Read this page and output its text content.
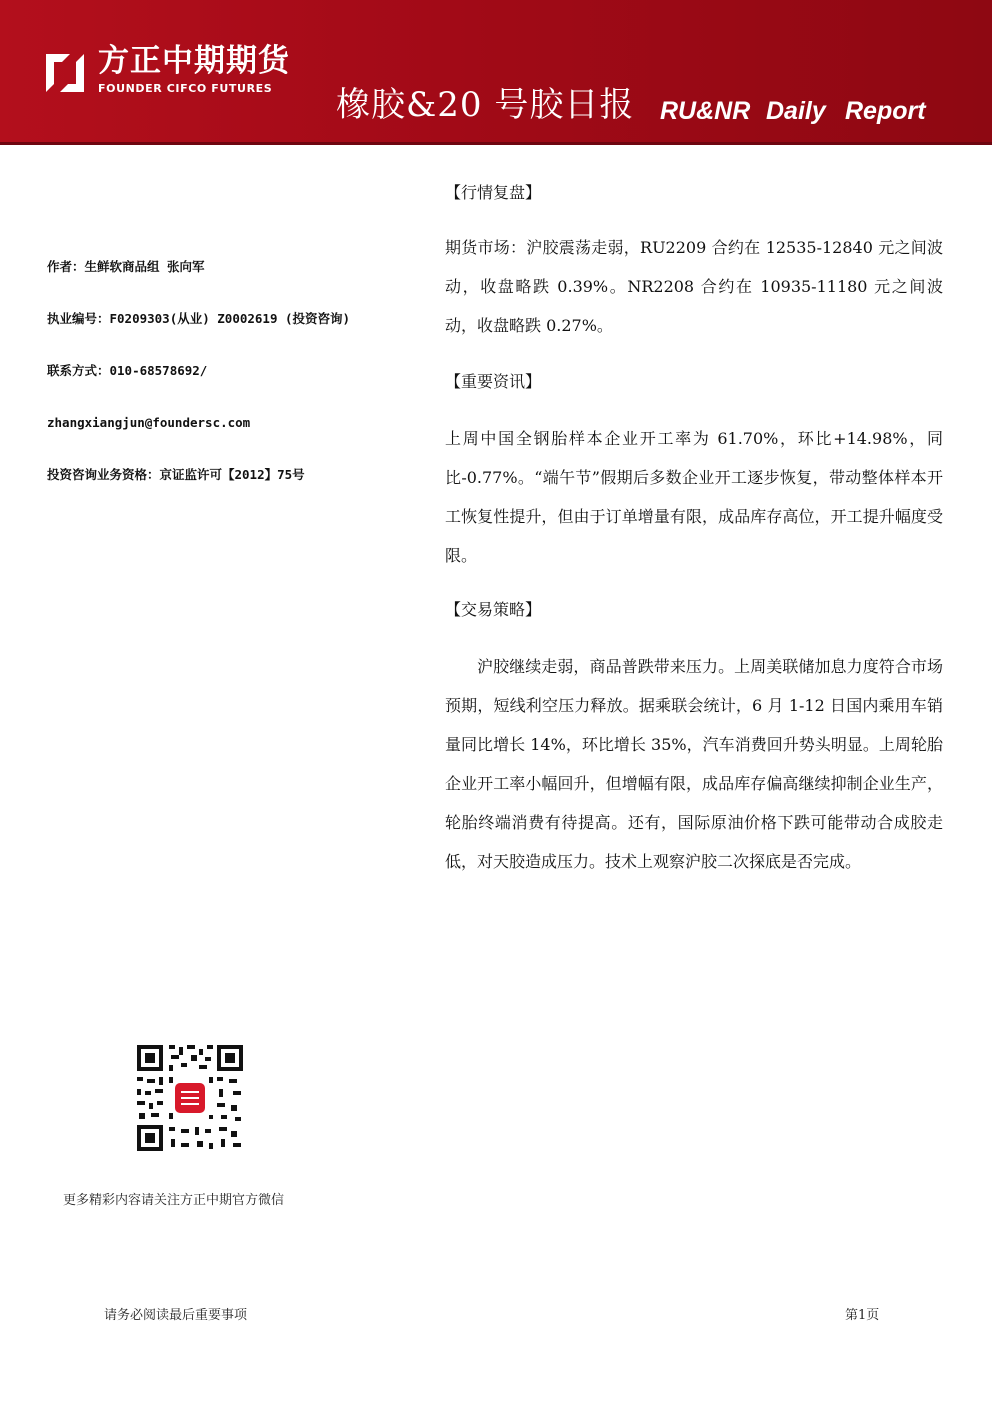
方正中期期货
FOUNDER CIFCO FUTURES 橡胶&20 号胶日报 RU&NR Daily Report
作者：生鲜软商品组 张向军
执业编号：F0209303(从业) Z0002619 (投资咨询)
联系方式：010-68578692/
zhangxiangjun@foundersc.com
投资咨询业务资格：京证监许可【2012】75号
【行情复盘】
期货市场：沪胶震荡走弱，RU2209 合约在 12535-12840 元之间波动，收盘略跌 0.39%。NR2208 合约在 10935-11180 元之间波动，收盘略跌 0.27%。
【重要资讯】
上周中国全钢胎样本企业开工率为 61.70%，环比+14.98%，同比-0.77%。“端午节”假期后多数企业开工逐步恢复，带动整体样本开工恢复性提升，但由于订单增量有限，成品库存高位，开工提升幅度受限。
【交易策略】
沪胶继续走弱，商品普跌带来压力。上周美联储加息力度符合市场预期，短线利空压力释放。据乘联会统计，6 月 1-12 日国内乘用车销量同比增长 14%，环比增长 35%，汽车消费回升势头明显。上周轮胎企业开工率小幅回升，但增幅有限，成品库存偏高继续抑制企业生产，轮胎终端消费有待提高。还有，国际原油价格下跌可能带动合成胶走低，对天胶造成压力。技术上观察沪胶二次探底是否完成。
更多精彩内容请关注方正中期官方微信
请务必阅读最后重要事项	第1页
